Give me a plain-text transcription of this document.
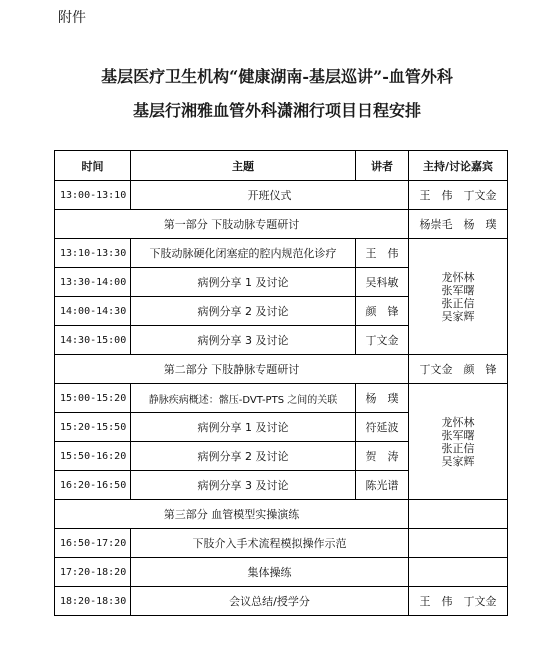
附件
基层医疗卫生机构“健康湖南-基层巡讲”-血管外科
基层行湘雅血管外科潇湘行项目日程安排
时间	主题	讲者	主持/讨论嘉宾
13:00-13:10	开班仪式		王　伟　丁文金
第一部分 下肢动脉专题研讨			杨崇毛　杨　璞
13:10-13:30	下肢动脉硬化闭塞症的腔内规范化诊疗	王　伟	龙怀林
张军曙
张正信
吴家辉

13:30-14:00	病例分享 1 及讨论	吴科敏	
14:00-14:30	病例分享 2 及讨论	颜　锋	
14:30-15:00	病例分享 3 及讨论	丁文金	
第二部分 下肢静脉专题研讨			丁文金　颜　锋
15:00-15:20	静脉疾病概述：髂压-DVT-PTS 之间的关联	杨　璞	龙怀林
张军曙
张正信
吴家辉

15:20-15:50	病例分享 1 及讨论	符延波	
15:50-16:20	病例分享 2 及讨论	贺　涛	
16:20-16:50	病例分享 3 及讨论	陈光谱	
第三部分 血管模型实操演练			
16:50-17:20	下肢介入手术流程模拟操作示范		
17:20-18:20	集体操练		
18:20-18:30	会议总结/授学分		王　伟　丁文金
